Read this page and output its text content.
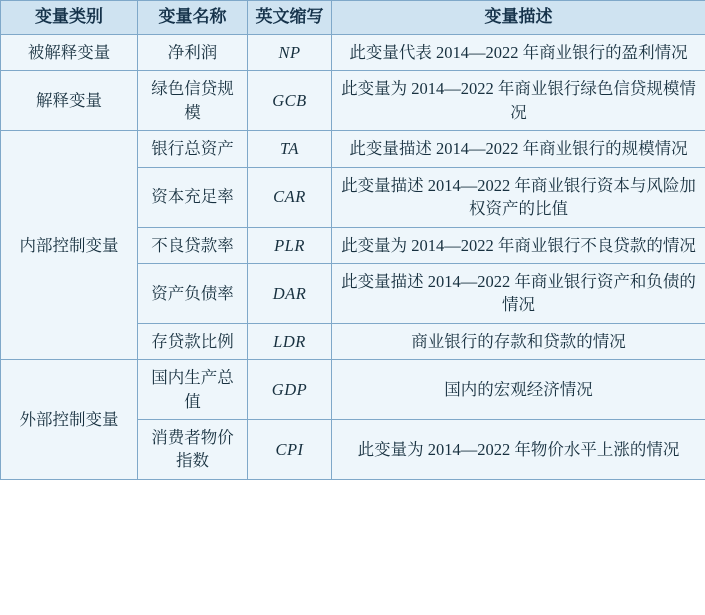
变量类别	变量名称	英文缩写	变量描述
被解释变量	净利润	NP	此变量代表 2014—2022 年商业银行的盈利情况
解释变量	绿色信贷规模	GCB	此变量为 2014—2022 年商业银行绿色信贷规模情况
内部控制变量	银行总资产	TA	此变量描述 2014—2022 年商业银行的规模情况
	资本充足率	CAR	此变量描述 2014—2022 年商业银行资本与风险加权资产的比值
	不良贷款率	PLR	此变量为 2014—2022 年商业银行不良贷款的情况
	资产负债率	DAR	此变量描述 2014—2022 年商业银行资产和负债的情况
	存贷款比例	LDR	商业银行的存款和贷款的情况
外部控制变量	国内生产总值	GDP	国内的宏观经济情况
	消费者物价指数	CPI	此变量为 2014—2022 年物价水平上涨的情况
